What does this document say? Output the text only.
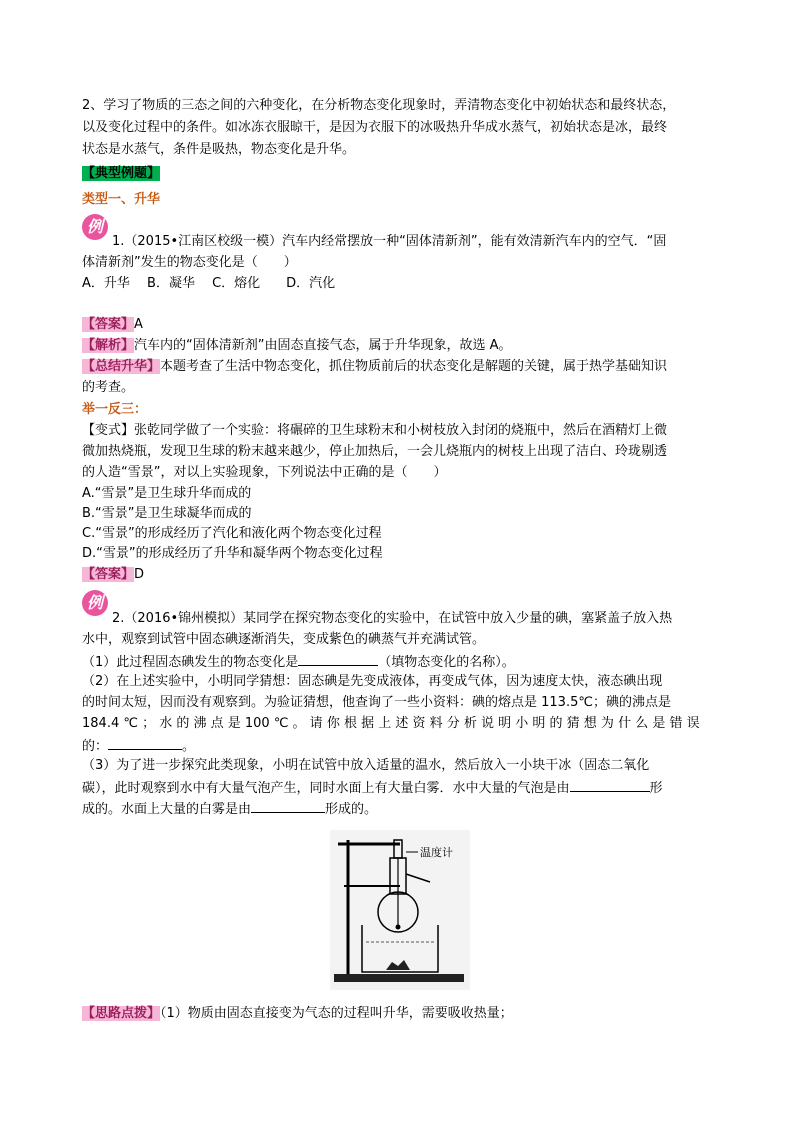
2、学习了物质的三态之间的六种变化，在分析物态变化现象时，弄清物态变化中初始状态和最终状态，
以及变化过程中的条件。如冰冻衣服晾干，是因为衣服下的冰吸热升华成水蒸气，初始状态是冰，最终
状态是水蒸气，条件是吸热，物态变化是升华。
【典型例题】
类型一、升华
例
1.（2015•江南区校级一模）汽车内经常摆放一种“固体清新剂”，能有效清新汽车内的空气．“固
体清新剂”发生的物态变化是（　　）
A．升华　 B．凝华　 C．熔化　　D．汽化
【答案】A
【解析】汽车内的“固体清新剂”由固态直接气态，属于升华现象，故选 A。
【总结升华】本题考查了生活中物态变化，抓住物质前后的状态变化是解题的关键，属于热学基础知识
的考查。
举一反三：
【变式】张乾同学做了一个实验：将碾碎的卫生球粉末和小树枝放入封闭的烧瓶中，然后在酒精灯上微
微加热烧瓶，发现卫生球的粉末越来越少，停止加热后，一会儿烧瓶内的树枝上出现了洁白、玲珑剔透
的人造“雪景”，对以上实验现象，下列说法中正确的是（　　）
A.“雪景”是卫生球升华而成的
B.“雪景”是卫生球凝华而成的
C.“雪景”的形成经历了汽化和液化两个物态变化过程
D.“雪景”的形成经历了升华和凝华两个物态变化过程
【答案】D
例
2.（2016•锦州模拟）某同学在探究物态变化的实验中，在试管中放入少量的碘，塞紧盖子放入热
水中，观察到试管中固态碘逐渐消失，变成紫色的碘蒸气并充满试管。
（1）此过程固态碘发生的物态变化是	（填物态变化的名称）。
（2）在上述实验中，小明同学猜想：固态碘是先变成液体，再变成气体，因为速度太快，液态碘出现
的时间太短，因而没有观察到。为验证猜想，他查询了一些小资料：碘的熔点是 113.5℃；碘的沸点是
184.4 ℃ ； 水 的 沸 点 是 100 ℃ 。 请 你 根 据 上 述 资 料 分 析 说 明 小 明 的 猜 想 为 什 么 是 错 误
的：	。
（3）为了进一步探究此类现象，小明在试管中放入适量的温水，然后放入一小块干冰（固态二氧化
碳），此时观察到水中有大量气泡产生，同时水面上有大量白雾．水中大量的气泡是由	形
成的。水面上大量的白雾是由	形成的。
温度计
【思路点拨】（1）物质由固态直接变为气态的过程叫升华，需要吸收热量；
